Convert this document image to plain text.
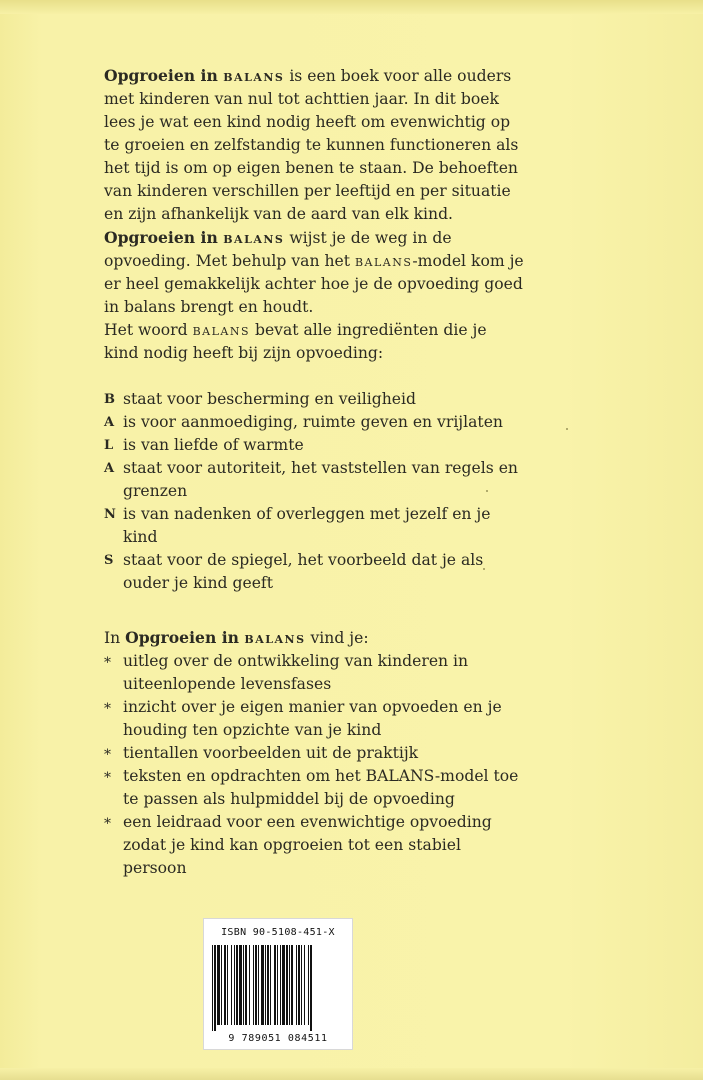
Opgroeien in balans is een boek voor alle ouders met kinderen van nul tot achttien jaar. In dit boek lees je wat een kind nodig heeft om evenwichtig op te groeien en zelfstandig te kunnen functioneren als het tijd is om op eigen benen te staan. De behoeften van kinderen verschillen per leeftijd en per situatie en zijn afhankelijk van de aard van elk kind. Opgroeien in balans wijst je de weg in de opvoeding. Met behulp van het balans-model kom je er heel gemakkelijk achter hoe je de opvoeding goed in balans brengt en houdt.

Het woord balans bevat alle ingrediënten die je kind nodig heeft bij zijn opvoeding:

B staat voor bescherming en veiligheid
A is voor aanmoediging, ruimte geven en vrijlaten
L is van liefde of warmte
A staat voor autoriteit, het vaststellen van regels en grenzen
N is van nadenken of overleggen met jezelf en je kind
S staat voor de spiegel, het voorbeeld dat je als ouder je kind geeft

In Opgroeien in balans vind je:

* uitleg over de ontwikkeling van kinderen in uiteenlopende levensfases
* inzicht over je eigen manier van opvoeden en je houding ten opzichte van je kind
* tientallen voorbeelden uit de praktijk
* teksten en opdrachten om het BALANS-model toe te passen als hulpmiddel bij de opvoeding
* een leidraad voor een evenwichtige opvoeding zodat je kind kan opgroeien tot een stabiel persoon
ISBN 90-5108-451-X
9 789051 084511
